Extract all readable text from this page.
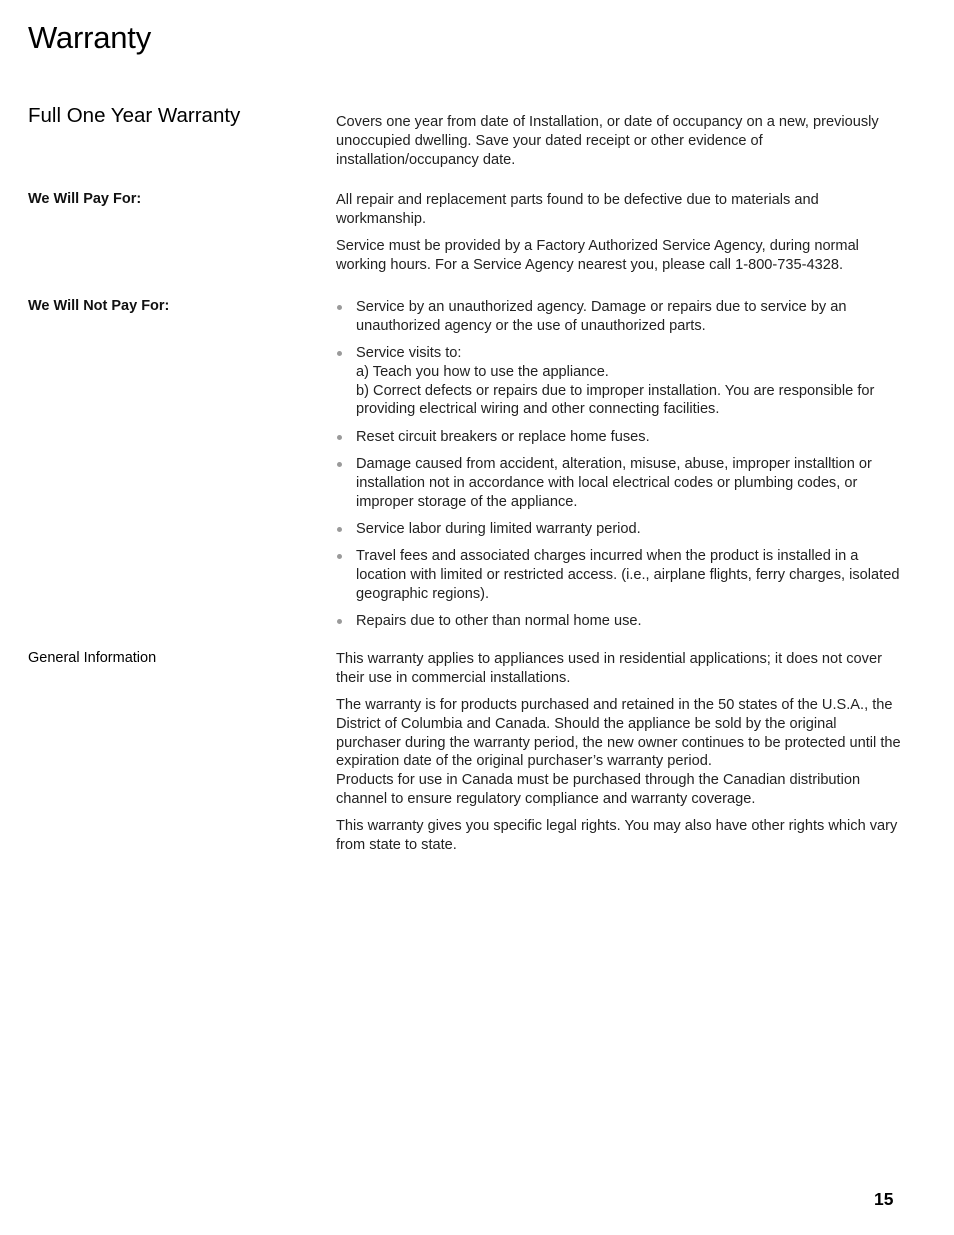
Warranty
Full One Year Warranty	Covers one year from date of Installation, or date of occupancy on a new, previously unoccupied dwelling. Save your dated receipt or other evidence of installation/occupancy date.

We Will Pay For:	All repair and replacement parts found to be defective due to materials and workmanship.

Service must be provided by a Factory Authorized Service Agency, during normal working hours. For a Service Agency nearest you, please call 1-800-735-4328.

We Will Not Pay For:	Service by an unauthorized agency. Damage or repairs due to service by an unauthorized agency or the use of unauthorized parts.
Service visits to:
a) Teach you how to use the appliance.
b) Correct defects or repairs due to improper installation. You are responsible for providing electrical wiring and other connecting facilities.
Reset circuit breakers or replace home fuses.
Damage caused from accident, alteration, misuse, abuse, improper installtion or installation not in accordance with local electrical codes or plumbing codes, or improper storage of the appliance.
Service labor during limited warranty period.
Travel fees and associated charges incurred when the product is installed in a location with limited or restricted access. (i.e., airplane flights, ferry charges, isolated geographic regions).
Repairs due to other than normal home use.
General Information	This warranty applies to appliances used in residential applications; it does not cover their use in commercial installations.

The warranty is for products purchased and retained in the 50 states of the U.S.A., the District of Columbia and Canada. Should the appliance be sold by the original purchaser during the warranty period, the new owner continues to be protected until the expiration date of the original purchaser’s warranty period.
Products for use in Canada must be purchased through the Canadian distribution channel to ensure regulatory compliance and warranty coverage.

This warranty gives you specific legal rights. You may also have other rights which vary from state to state.

15
